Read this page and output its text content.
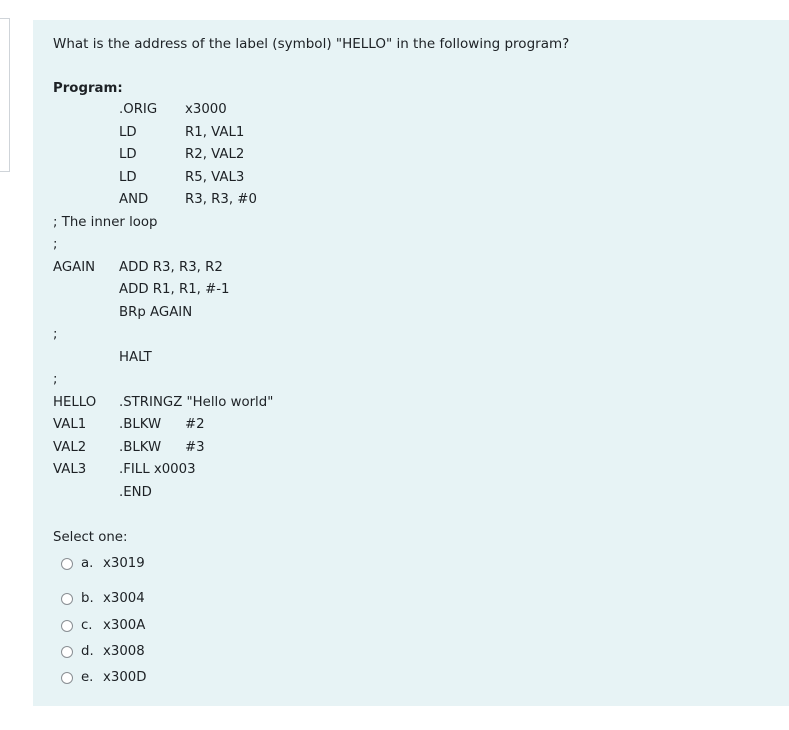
What is the address of the label (symbol) "HELLO" in the following program?
Program:
.ORIG x3000
LD	R1, VAL1
LD	R2, VAL2
LD	R5, VAL3
AND	R3, R3, #0
; The inner loop
;
AGAIN ADD R3, R3, R2
ADD R1, R1, #-1
BRp AGAIN
;
HALT
;
HELLO .STRINGZ "Hello world"
VAL1 .BLKW #2
VAL2 .BLKW #3
VAL3 .FILL x0003
.END
Select one:
a. x3019
b. x3004
c. x300A
d. x3008
e. x300D
